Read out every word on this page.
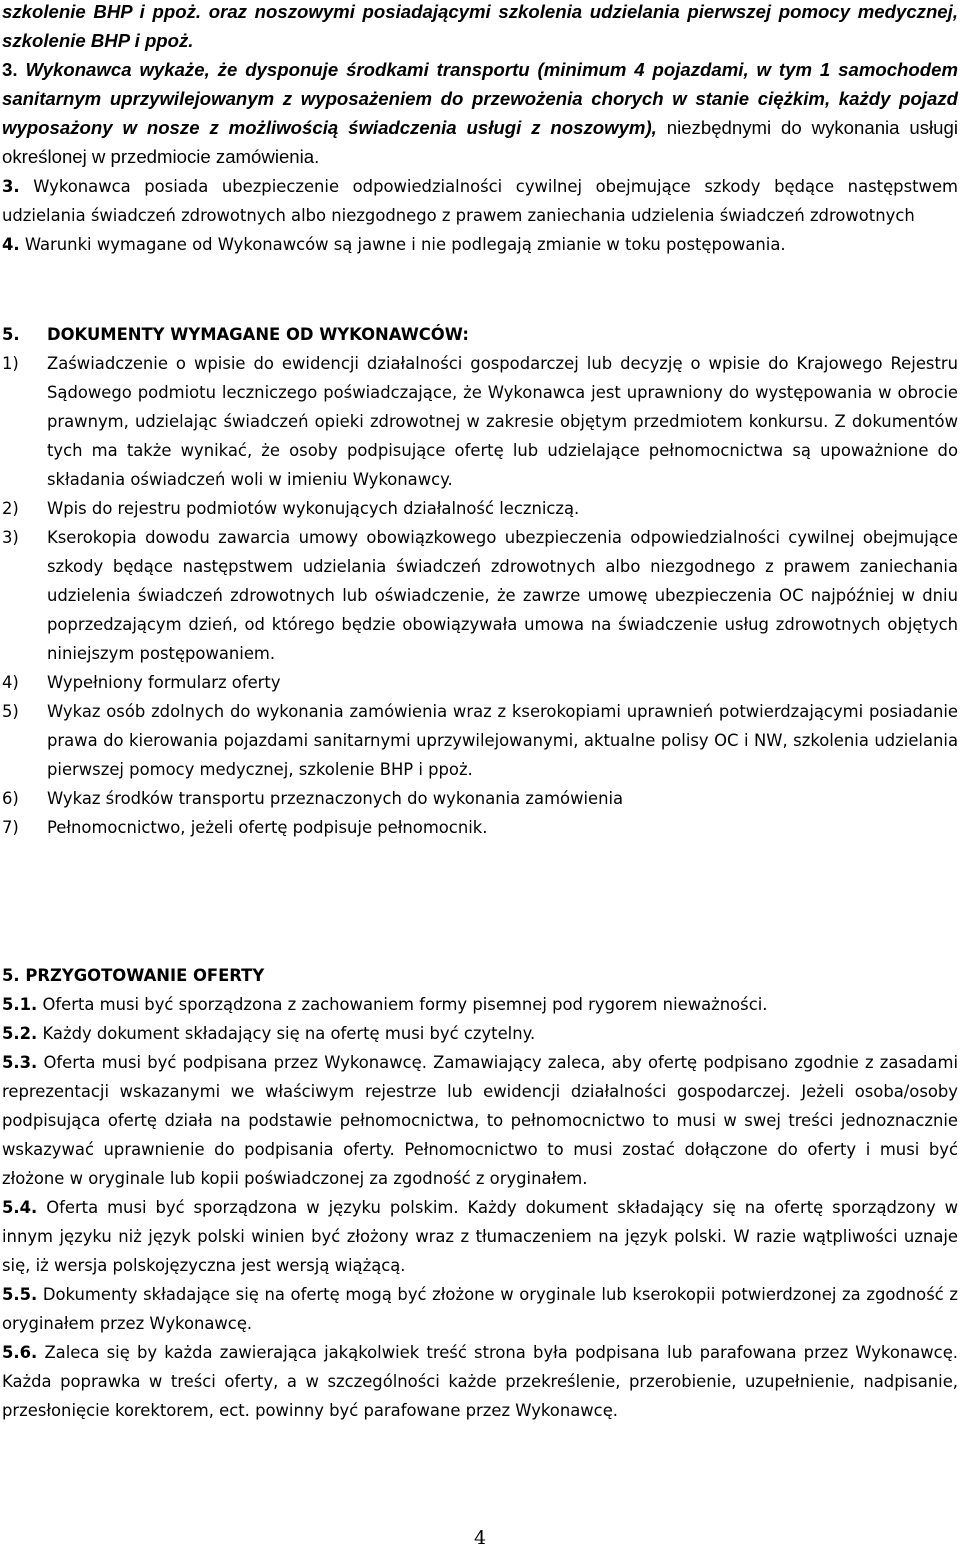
szkolenie BHP i ppoż. oraz noszowymi posiadającymi szkolenia udzielania pierwszej pomocy medycznej, szkolenie BHP i ppoż.

3. Wykonawca wykaże, że dysponuje środkami transportu (minimum 4 pojazdami, w tym 1 samochodem sanitarnym uprzywilejowanym z wyposażeniem do przewożenia chorych w stanie ciężkim, każdy pojazd wyposażony w nosze z możliwością świadczenia usługi z noszowym), niezbędnymi do wykonania usługi określonej w przedmiocie zamówienia.

3. Wykonawca posiada ubezpieczenie odpowiedzialności cywilnej obejmujące szkody będące następstwem udzielania świadczeń zdrowotnych albo niezgodnego z prawem zaniechania udzielenia świadczeń zdrowotnych

4. Warunki wymagane od Wykonawców są jawne i nie podlegają zmianie w toku postępowania.

5. DOKUMENTY WYMAGANE OD WYKONAWCÓW:

1)	Zaświadczenie o wpisie do ewidencji działalności gospodarczej lub decyzję o wpisie do Krajowego Rejestru Sądowego podmiotu leczniczego poświadczające, że Wykonawca jest uprawniony do występowania w obrocie prawnym, udzielając świadczeń opieki zdrowotnej w zakresie objętym przedmiotem konkursu. Z dokumentów tych ma także wynikać, że osoby podpisujące ofertę lub udzielające pełnomocnictwa są upoważnione do składania oświadczeń woli w imieniu Wykonawcy.
2)	Wpis do rejestru podmiotów wykonujących działalność leczniczą.
3)	Kserokopia dowodu zawarcia umowy obowiązkowego ubezpieczenia odpowiedzialności cywilnej obejmujące szkody będące następstwem udzielania świadczeń zdrowotnych albo niezgodnego z prawem zaniechania udzielenia świadczeń zdrowotnych lub oświadczenie, że zawrze umowę ubezpieczenia OC najpóźniej w dniu poprzedzającym dzień, od którego będzie obowiązywała umowa na świadczenie usług zdrowotnych objętych niniejszym postępowaniem.
4)	Wypełniony formularz oferty
5)	Wykaz osób zdolnych do wykonania zamówienia wraz z kserokopiami uprawnień potwierdzającymi posiadanie prawa do kierowania pojazdami sanitarnymi uprzywilejowanymi, aktualne polisy OC i NW, szkolenia udzielania pierwszej pomocy medycznej, szkolenie BHP i ppoż.
6)	Wykaz środków transportu przeznaczonych do wykonania zamówienia
7)	Pełnomocnictwo, jeżeli ofertę podpisuje pełnomocnik.

5. PRZYGOTOWANIE OFERTY

5.1. Oferta musi być sporządzona z zachowaniem formy pisemnej pod rygorem nieważności.

5.2. Każdy dokument składający się na ofertę musi być czytelny.

5.3. Oferta musi być podpisana przez Wykonawcę. Zamawiający zaleca, aby ofertę podpisano zgodnie z zasadami reprezentacji wskazanymi we właściwym rejestrze lub ewidencji działalności gospodarczej. Jeżeli osoba/osoby podpisująca ofertę działa na podstawie pełnomocnictwa, to pełnomocnictwo to musi w swej treści jednoznacznie wskazywać uprawnienie do podpisania oferty. Pełnomocnictwo to musi zostać dołączone do oferty i musi być złożone w oryginale lub kopii poświadczonej za zgodność z oryginałem.

5.4. Oferta musi być sporządzona w języku polskim. Każdy dokument składający się na ofertę sporządzony w innym języku niż język polski winien być złożony wraz z tłumaczeniem na język polski. W razie wątpliwości uznaje się, iż wersja polskojęzyczna jest wersją wiążącą.

5.5. Dokumenty składające się na ofertę mogą być złożone w oryginale lub kserokopii potwierdzonej za zgodność z oryginałem przez Wykonawcę.

5.6. Zaleca się by każda zawierająca jakąkolwiek treść strona była podpisana lub parafowana przez Wykonawcę. Każda poprawka w treści oferty, a w szczególności każde przekreślenie, przerobienie, uzupełnienie, nadpisanie, przesłonięcie korektorem, ect. powinny być parafowane przez Wykonawcę.

4
